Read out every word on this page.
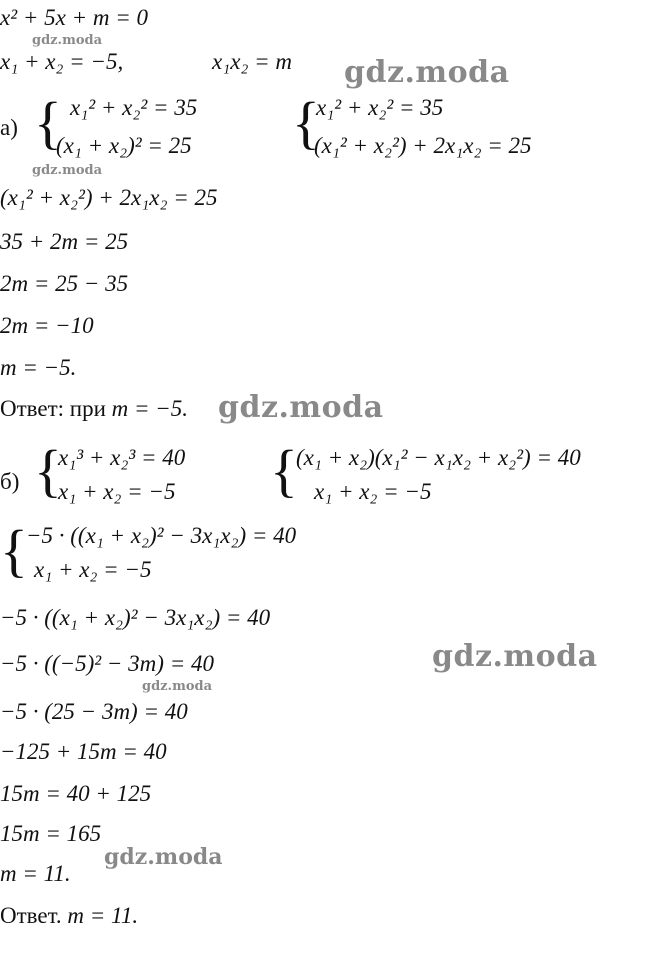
x² + 5x + m = 0
x₁ + x₂ = −5,	x₁x₂ = m
а) { x₁² + x₂² = 35
(x₁ + x₂)² = 25 {
x₁² + x₂² = 35
(x₁² + x₂²) + 2x₁x₂ = 25
(x₁² + x₂²) + 2x₁x₂ = 25
35 + 2m = 25
2m = 25 − 35
2m = −10
m = −5.
Ответ: при m = −5.
б) {
x₁³ + x₂³ = 40
x₁ + x₂ = −5 {
(x₁ + x₂)(x₁² − x₁x₂ + x₂²) = 40
x₁ + x₂ = −5
{
−5 · ((x₁ + x₂)² − 3x₁x₂) = 40
x₁ + x₂ = −5
−5 · ((x₁ + x₂)² − 3x₁x₂) = 40
−5 · ((−5)² − 3m) = 40
−5 · (25 − 3m) = 40
−125 + 15m = 40
15m = 40 + 125
15m = 165
m = 11.
Ответ. m = 11.
gdz.moda
gdz.moda
gdz.moda
gdz.moda
gdz.moda
gdz.moda
gdz.moda
